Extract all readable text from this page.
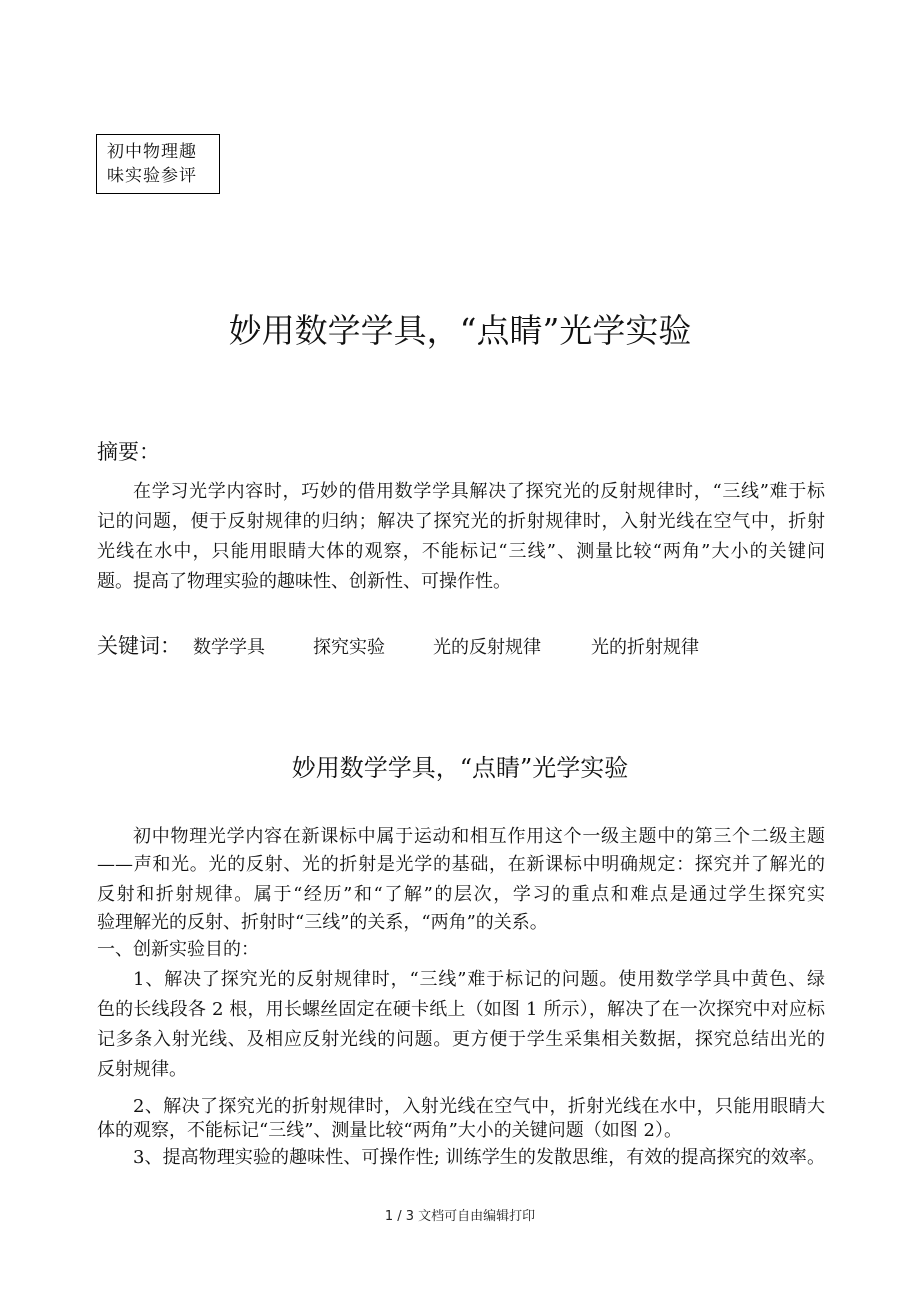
初中物理趣
味实验参评
妙用数学学具，“点睛”光学实验
摘要：
在学习光学内容时，巧妙的借用数学学具解决了探究光的反射规律时，“三线”难于标
记的问题，便于反射规律的归纳；解决了探究光的折射规律时，入射光线在空气中，折射
光线在水中，只能用眼睛大体的观察，不能标记“三线”、测量比较“两角”大小的关键问
题。提高了物理实验的趣味性、创新性、可操作性。
关键词： 数学学具	探究实验	光的反射规律	光的折射规律
妙用数学学具，“点睛”光学实验
初中物理光学内容在新课标中属于运动和相互作用这个一级主题中的第三个二级主题
——声和光。光的反射、光的折射是光学的基础，在新课标中明确规定：探究并了解光的
反射和折射规律。属于“经历”和“了解”的层次，学习的重点和难点是通过学生探究实
验理解光的反射、折射时“三线”的关系，“两角”的关系。
一、创新实验目的：
1、解决了探究光的反射规律时，“三线”难于标记的问题。使用数学学具中黄色、绿
色的长线段各 2 根，用长螺丝固定在硬卡纸上（如图 1 所示），解决了在一次探究中对应标
记多条入射光线、及相应反射光线的问题。更方便于学生采集相关数据，探究总结出光的
反射规律。
2、解决了探究光的折射规律时，入射光线在空气中，折射光线在水中，只能用眼睛大
体的观察，不能标记“三线”、测量比较“两角”大小的关键问题（如图 2）。
3、提高物理实验的趣味性、可操作性; 训练学生的发散思维，有效的提高探究的效率。
1 / 3 文档可自由编辑打印
